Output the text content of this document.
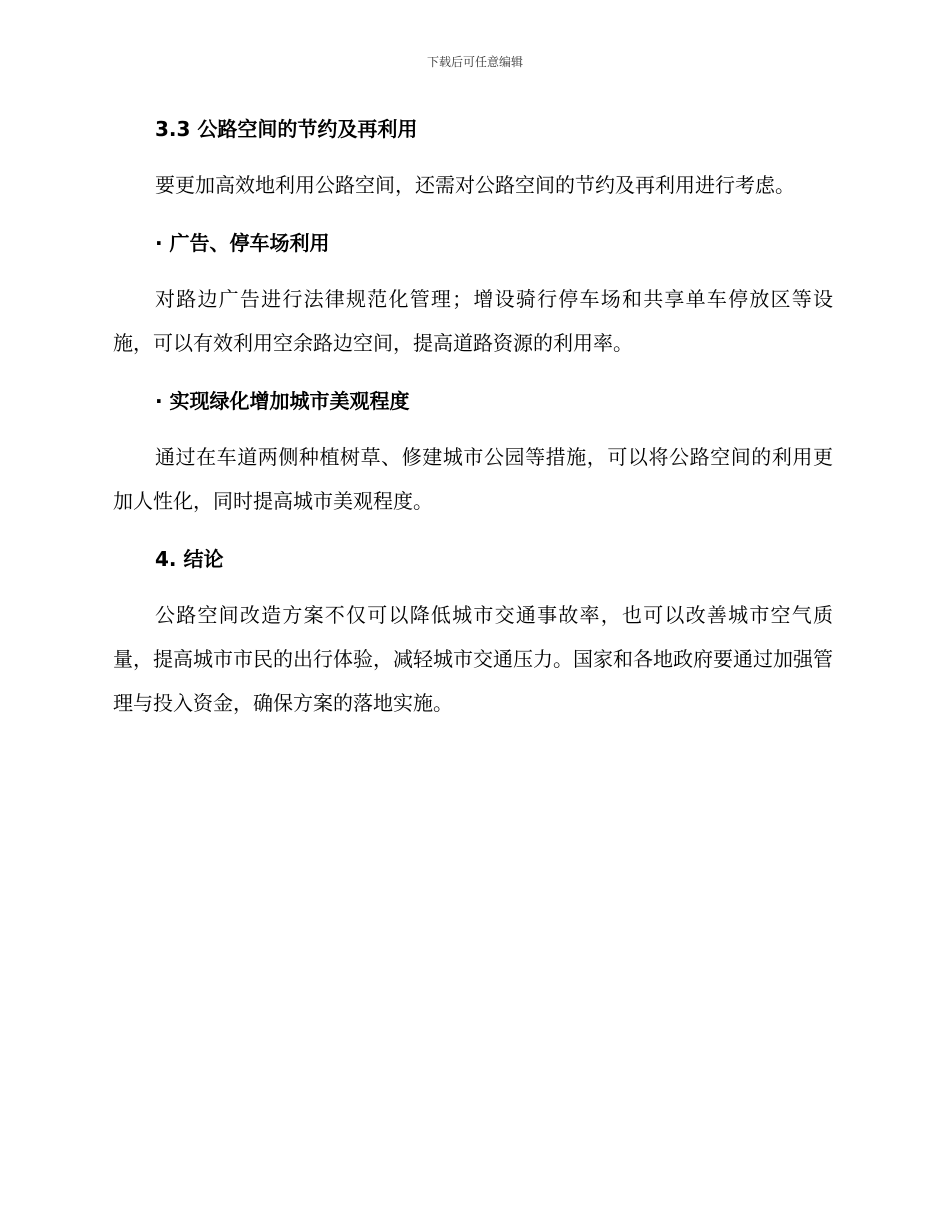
下载后可任意编辑
3.3 公路空间的节约及再利用

要更加高效地利用公路空间，还需对公路空间的节约及再利用进行考虑。

· 广告、停车场利用

对路边广告进行法律规范化管理；增设骑行停车场和共享单车停放区等设施，可以有效利用空余路边空间，提高道路资源的利用率。

· 实现绿化增加城市美观程度

通过在车道两侧种植树草、修建城市公园等措施，可以将公路空间的利用更加人性化，同时提高城市美观程度。

4. 结论

公路空间改造方案不仅可以降低城市交通事故率，也可以改善城市空气质量，提高城市市民的出行体验，减轻城市交通压力。国家和各地政府要通过加强管理与投入资金，确保方案的落地实施。
